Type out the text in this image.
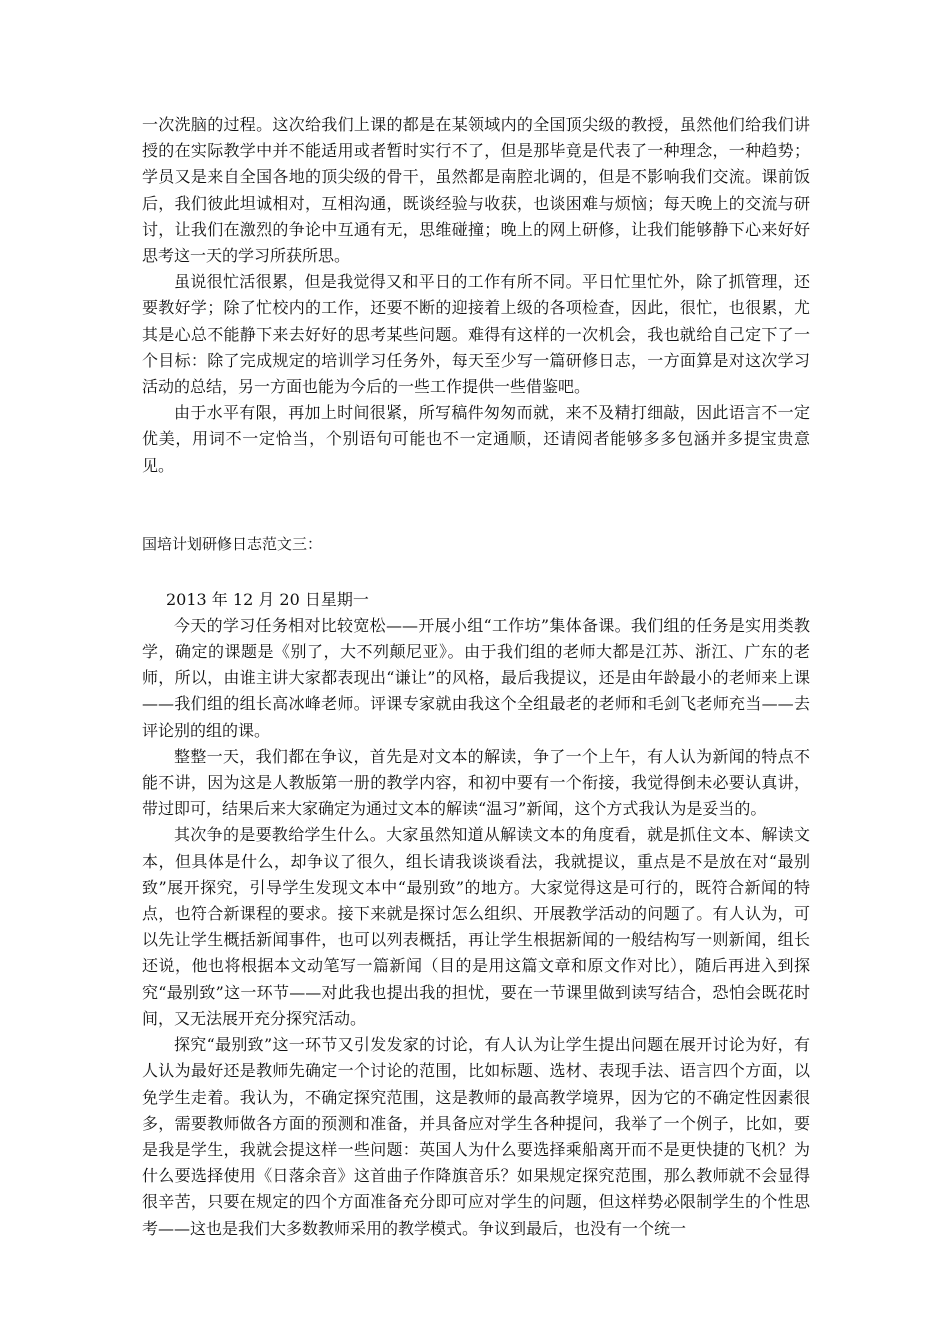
一次洗脑的过程。这次给我们上课的都是在某领域内的全国顶尖级的教授，虽然他们给我们讲授的在实际教学中并不能适用或者暂时实行不了，但是那毕竟是代表了一种理念，一种趋势；学员又是来自全国各地的顶尖级的骨干，虽然都是南腔北调的，但是不影响我们交流。课前饭后，我们彼此坦诚相对，互相沟通，既谈经验与收获，也谈困难与烦恼；每天晚上的交流与研讨，让我们在激烈的争论中互通有无，思维碰撞；晚上的网上研修，让我们能够静下心来好好思考这一天的学习所获所思。

虽说很忙活很累，但是我觉得又和平日的工作有所不同。平日忙里忙外，除了抓管理，还要教好学；除了忙校内的工作，还要不断的迎接着上级的各项检查，因此，很忙，也很累，尤其是心总不能静下来去好好的思考某些问题。难得有这样的一次机会，我也就给自己定下了一个目标：除了完成规定的培训学习任务外，每天至少写一篇研修日志，一方面算是对这次学习活动的总结，另一方面也能为今后的一些工作提供一些借鉴吧。

由于水平有限，再加上时间很紧，所写稿件匆匆而就，来不及精打细敲，因此语言不一定优美，用词不一定恰当，个别语句可能也不一定通顺，还请阅者能够多多包涵并多提宝贵意见。

国培计划研修日志范文三：

2013 年 12 月 20 日星期一

今天的学习任务相对比较宽松——开展小组“工作坊”集体备课。我们组的任务是实用类教学，确定的课题是《别了，大不列颠尼亚》。由于我们组的老师大都是江苏、浙江、广东的老师，所以，由谁主讲大家都表现出“谦让”的风格，最后我提议，还是由年龄最小的老师来上课——我们组的组长高冰峰老师。评课专家就由我这个全组最老的老师和毛剑飞老师充当——去评论别的组的课。

整整一天，我们都在争议，首先是对文本的解读，争了一个上午，有人认为新闻的特点不能不讲，因为这是人教版第一册的教学内容，和初中要有一个衔接，我觉得倒未必要认真讲，带过即可，结果后来大家确定为通过文本的解读“温习”新闻，这个方式我认为是妥当的。

其次争的是要教给学生什么。大家虽然知道从解读文本的角度看，就是抓住文本、解读文本，但具体是什么，却争议了很久，组长请我谈谈看法，我就提议，重点是不是放在对“最别致”展开探究，引导学生发现文本中“最别致”的地方。大家觉得这是可行的，既符合新闻的特点，也符合新课程的要求。接下来就是探讨怎么组织、开展教学活动的问题了。有人认为，可以先让学生概括新闻事件，也可以列表概括，再让学生根据新闻的一般结构写一则新闻，组长还说，他也将根据本文动笔写一篇新闻（目的是用这篇文章和原文作对比），随后再进入到探究“最别致”这一环节——对此我也提出我的担忧，要在一节课里做到读写结合，恐怕会既花时间，又无法展开充分探究活动。

探究“最别致”这一环节又引发发家的讨论，有人认为让学生提出问题在展开讨论为好，有人认为最好还是教师先确定一个讨论的范围，比如标题、选材、表现手法、语言四个方面，以免学生走着。我认为，不确定探究范围，这是教师的最高教学境界，因为它的不确定性因素很多，需要教师做各方面的预测和准备，并具备应对学生各种提问，我举了一个例子，比如，要是我是学生，我就会提这样一些问题：英国人为什么要选择乘船离开而不是更快捷的飞机？为什么要选择使用《日落余音》这首曲子作降旗音乐？如果规定探究范围，那么教师就不会显得很辛苦，只要在规定的四个方面准备充分即可应对学生的问题，但这样势必限制学生的个性思考——这也是我们大多数教师采用的教学模式。争议到最后，也没有一个统一
